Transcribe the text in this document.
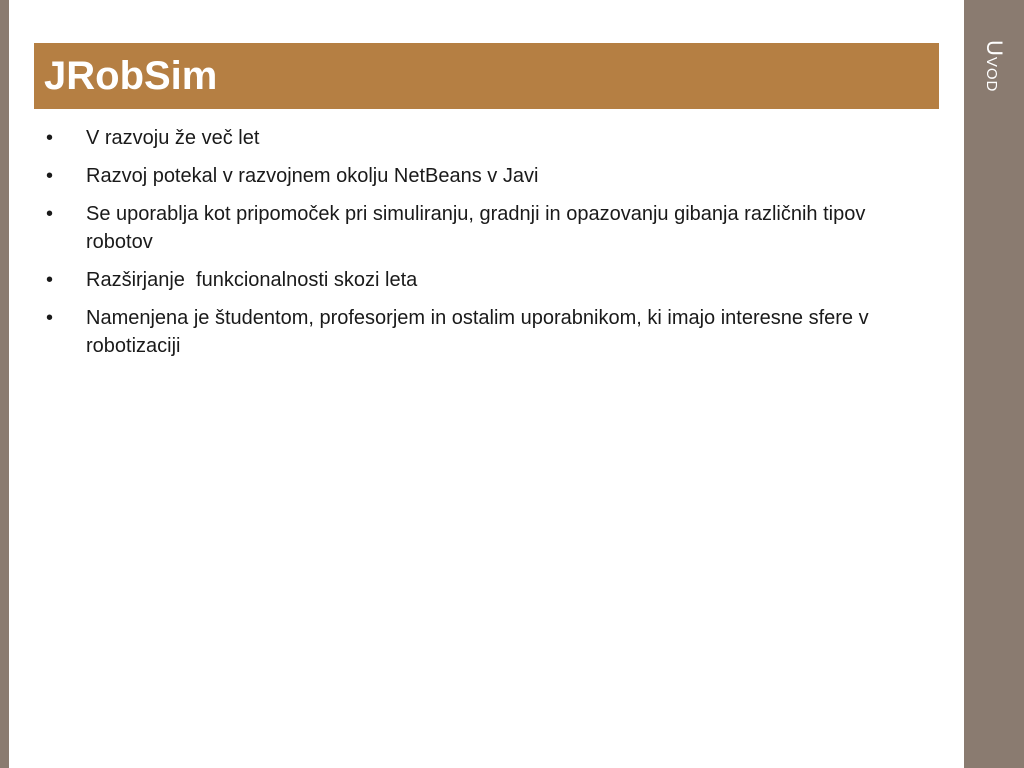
Uvod
JRobSim
• V razvoju že več let
• Razvoj potekal v razvojnem okolju NetBeans v Javi
• Se uporablja kot pripomoček pri simuliranju, gradnji in opazovanju gibanja različnih tipov robotov
• Razširjanje  funkcionalnosti skozi leta
• Namenjena je študentom, profesorjem in ostalim uporabnikom, ki imajo interesne sfere v robotizaciji
